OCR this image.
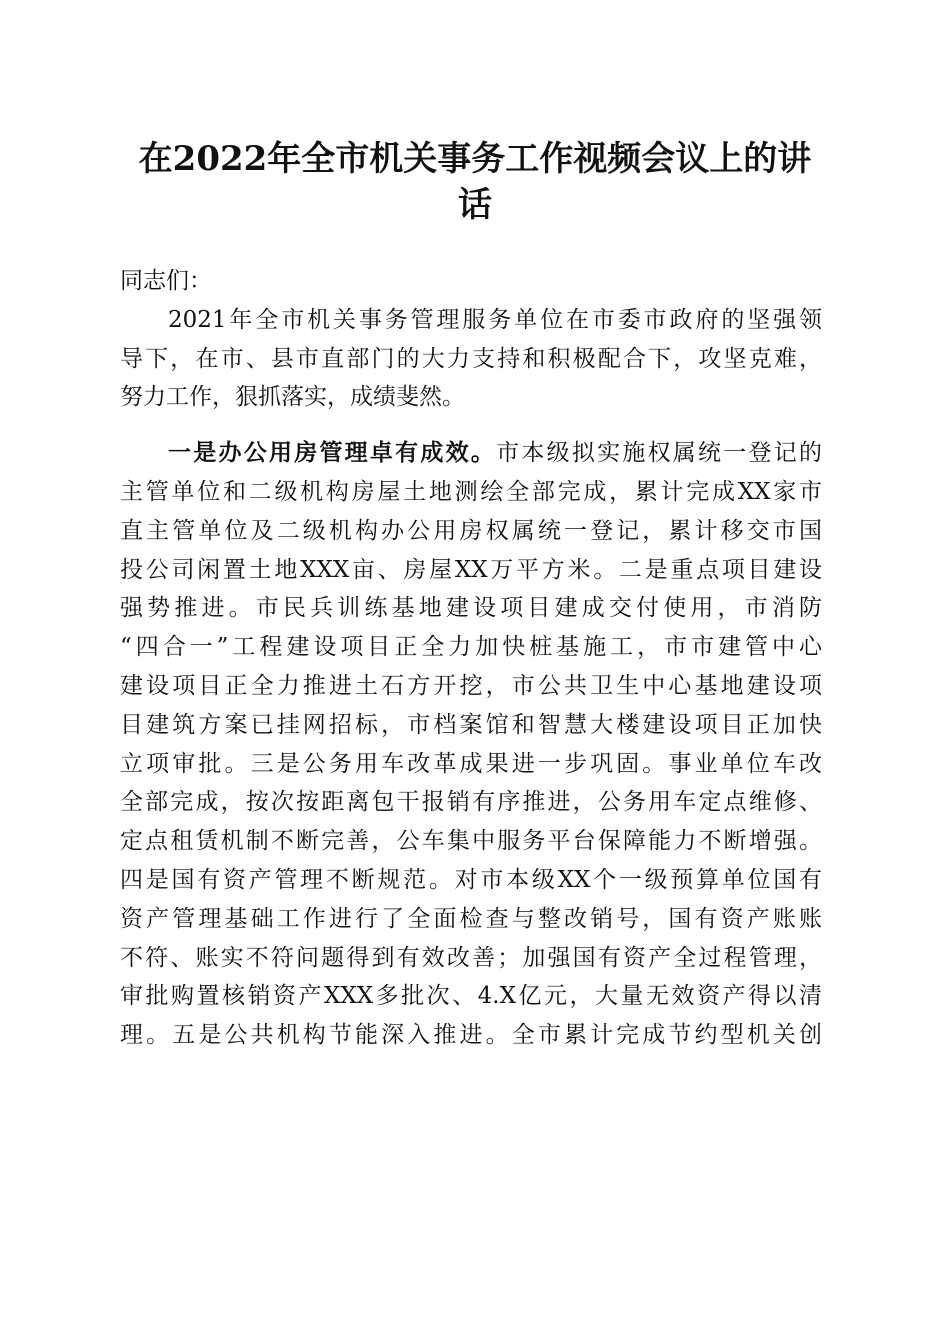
在2022年全市机关事务工作视频会议上的讲
话
同志们：
2021年全市机关事务管理服务单位在市委市政府的坚强领
导下，在市、县市直部门的大力支持和积极配合下，攻坚克难，
努力工作，狠抓落实，成绩斐然。
一是办公用房管理卓有成效。市本级拟实施权属统一登记的
主管单位和二级机构房屋土地测绘全部完成，累计完成XX家市
直主管单位及二级机构办公用房权属统一登记，累计移交市国
投公司闲置土地XXX亩、房屋XX万平方米。二是重点项目建设
强势推进。市民兵训练基地建设项目建成交付使用，市消防
“四合一”工程建设项目正全力加快桩基施工，市市建管中心
建设项目正全力推进土石方开挖，市公共卫生中心基地建设项
目建筑方案已挂网招标，市档案馆和智慧大楼建设项目正加快
立项审批。三是公务用车改革成果进一步巩固。事业单位车改
全部完成，按次按距离包干报销有序推进，公务用车定点维修、
定点租赁机制不断完善，公车集中服务平台保障能力不断增强。
四是国有资产管理不断规范。对市本级XX个一级预算单位国有
资产管理基础工作进行了全面检查与整改销号，国有资产账账
不符、账实不符问题得到有效改善；加强国有资产全过程管理，
审批购置核销资产XXX多批次、4.X亿元，大量无效资产得以清
理。五是公共机构节能深入推进。全市累计完成节约型机关创
